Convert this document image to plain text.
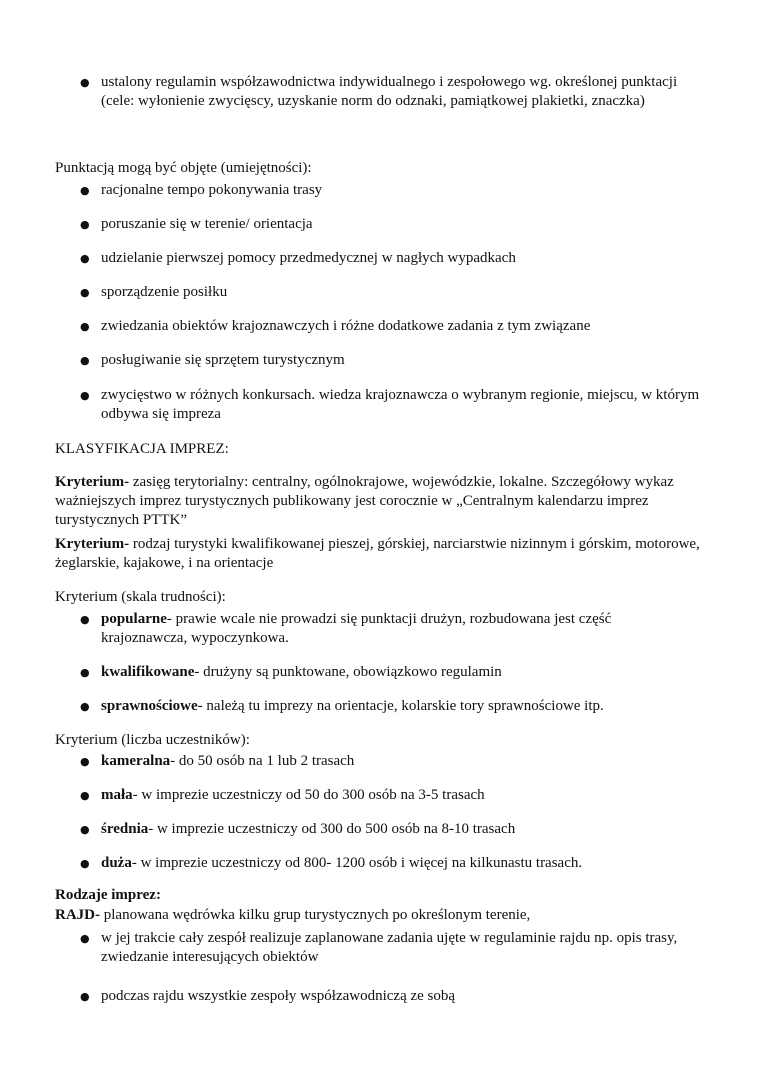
● ustalony regulamin współzawodnictwa indywidualnego i zespołowego wg. określonej punktacji (cele: wyłonienie zwycięscy, uzyskanie norm do odznaki, pamiątkowej plakietki, znaczka)
Punktacją mogą być objęte (umiejętności):
● racjonalne tempo pokonywania trasy
● poruszanie się w terenie/ orientacja
● udzielanie pierwszej pomocy przedmedycznej w nagłych wypadkach
● sporządzenie posiłku
● zwiedzania obiektów krajoznawczych i różne dodatkowe zadania z tym związane
● posługiwanie się sprzętem turystycznym
● zwycięstwo w różnych konkursach. wiedza krajoznawcza o wybranym regionie, miejscu, w którym odbywa się impreza
KLASYFIKACJA IMPREZ:
Kryterium- zasięg terytorialny: centralny, ogólnokrajowe, wojewódzkie, lokalne. Szczegółowy wykaz ważniejszych imprez turystycznych publikowany jest corocznie w „Centralnym kalendarzu imprez turystycznych PTTK”
Kryterium- rodzaj turystyki kwalifikowanej pieszej, górskiej, narciarstwie nizinnym i górskim, motorowe, żeglarskie, kajakowe, i na orientacje
Kryterium (skala trudności):
● popularne- prawie wcale nie prowadzi się punktacji drużyn, rozbudowana jest część krajoznawcza, wypoczynkowa.
● kwalifikowane- drużyny są punktowane, obowiązkowo regulamin
● sprawnościowe- należą tu imprezy na orientacje, kolarskie tory sprawnościowe itp.
Kryterium (liczba uczestników):
● kameralna- do 50 osób na 1 lub 2 trasach
● mała- w imprezie uczestniczy od 50 do 300 osób na 3-5 trasach
● średnia- w imprezie uczestniczy od 300 do 500 osób na 8-10 trasach
● duża- w imprezie uczestniczy od 800- 1200 osób i więcej na kilkunastu trasach.
Rodzaje imprez:
RAJD- planowana wędrówka kilku grup turystycznych po określonym terenie,
● w jej trakcie cały zespół realizuje zaplanowane zadania ujęte w regulaminie rajdu np. opis trasy, zwiedzanie interesujących obiektów
● podczas rajdu wszystkie zespoły współzawodniczą ze sobą
